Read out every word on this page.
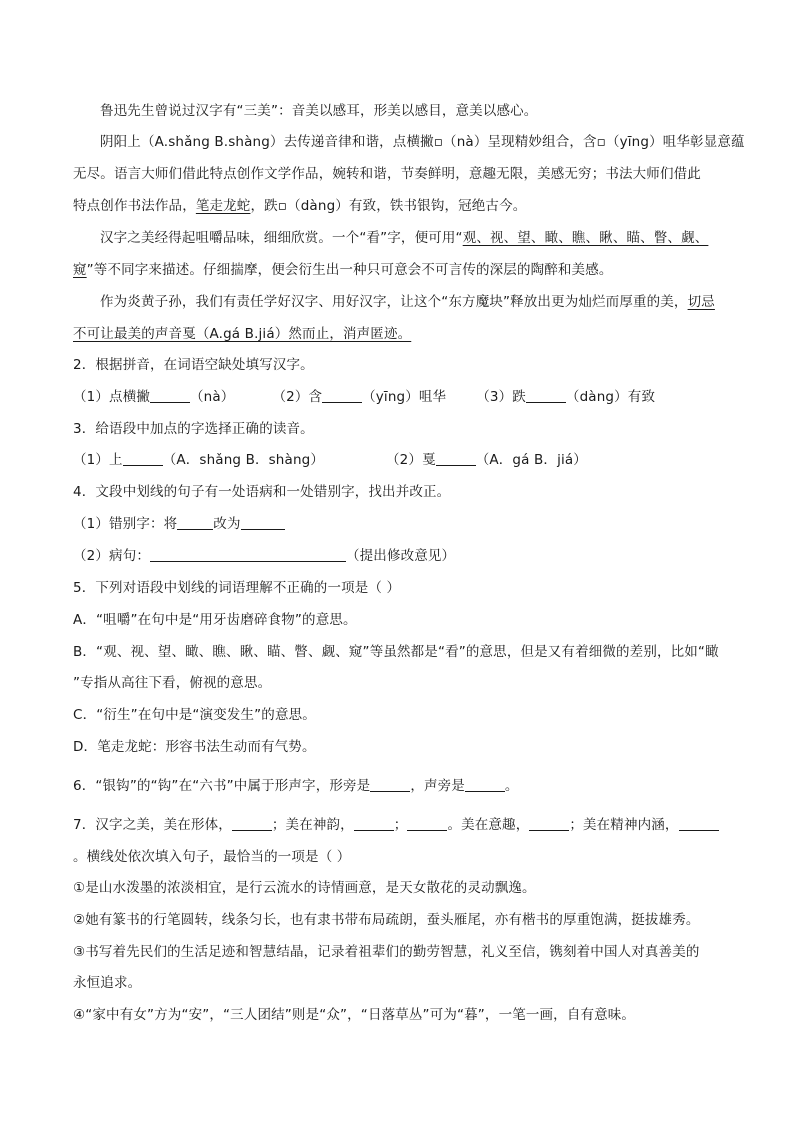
鲁迅先生曾说过汉字有“三美”：音美以感耳，形美以感目，意美以感心。
阴阳上（A.shǎng B.shàng）去传递音律和谐，点横撇▫（nà）呈现精妙组合，含▫（yīng）咀华彰显意蕴
无尽。语言大师们借此特点创作文学作品，婉转和谐，节奏鲜明，意趣无限，美感无穷；书法大师们借此
特点创作书法作品，笔走龙蛇，跌▫（dàng）有致，铁书银钩，冠绝古今。
汉字之美经得起咀嚼品味，细细欣赏。一个“看”字，便可用“观、视、望、瞰、瞧、瞅、瞄、瞥、觑、
窥”等不同字来描述。仔细揣摩，便会衍生出一种只可意会不可言传的深层的陶醉和美感。
作为炎黄子孙，我们有责任学好汉字、用好汉字，让这个“东方魔块”释放出更为灿烂而厚重的美，切忌
不可让最美的声音戛（A.gá B.jiá）然而止，消声匿迹。
2．根据拼音，在词语空缺处填写汉字。
（1）点横撇	（nà）	（2）含	（yīng）咀华 （3）跌	（dàng）有致
3．给语段中加点的字选择正确的读音。
（1）上	（A．shǎng B．shàng）	（2）戛	（A．gá B．jiá）
4．文段中划线的句子有一处语病和一处错别字，找出并改正。
（1）错别字：将	改为
（2）病句：	（提出修改意见）
5．下列对语段中划线的词语理解不正确的一项是（ ）
A．“咀嚼”在句中是“用牙齿磨碎食物”的意思。
B．“观、视、望、瞰、瞧、瞅、瞄、瞥、觑、窥”等虽然都是“看”的意思，但是又有着细微的差别，比如“瞰
”专指从高往下看，俯视的意思。
C．“衍生”在句中是“演变发生”的意思。
D．笔走龙蛇：形容书法生动而有气势。
6．“银钩”的“钩”在“六书”中属于形声字，形旁是	，声旁是	。
7．汉字之美，美在形体，	；美在神韵，	；	。美在意趣，	；美在精神内涵，
。横线处依次填入句子，最恰当的一项是（ ）
①是山水泼墨的浓淡相宜，是行云流水的诗情画意，是天女散花的灵动飘逸。
②她有篆书的行笔圆转，线条匀长，也有隶书带布局疏朗，蚕头雁尾，亦有楷书的厚重饱满，挺拔雄秀。
③书写着先民们的生活足迹和智慧结晶，记录着祖辈们的勤劳智慧，礼义至信，镌刻着中国人对真善美的
永恒追求。
④“家中有女”方为“安”，“三人团结”则是“众”，“日落草丛”可为“暮”，一笔一画，自有意味。
